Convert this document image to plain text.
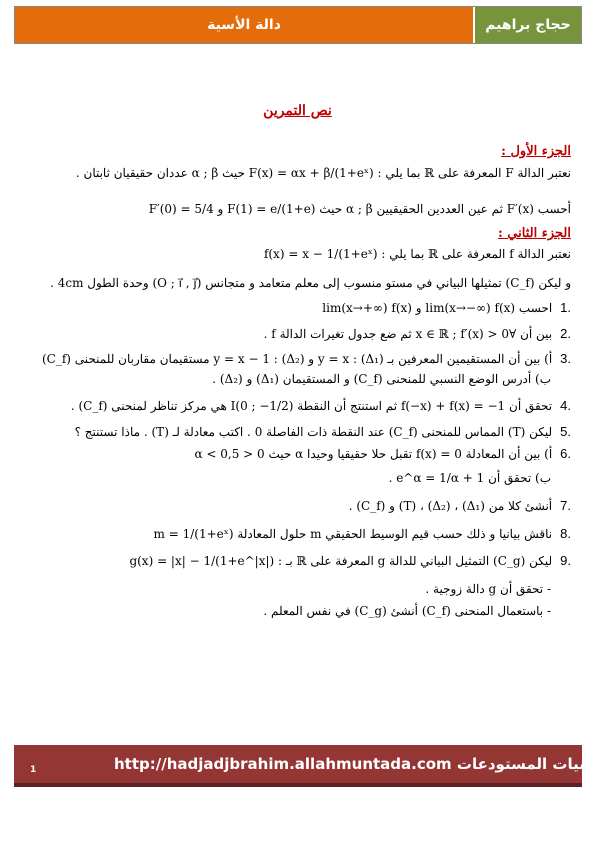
دالة الأسية	حجاج براهيم
نص التمرين
الجزء الأول :
نعتبر الدالة F المعرفة على ℝ بما يلي : F(x) = αx + β/(1+eˣ) حيث α ; β عددان حقيقيان ثابتان .
أحسب F′(x) ثم عين العددين الحقيقيين α ; β حيث F(1) = e/(1+e) و F′(0) = 5/4
الجزء الثاني :
نعتبر الدالة f المعرفة على ℝ بما يلي : f(x) = x − 1/(1+eˣ)
و ليكن (C_f) تمثيلها البياني في مستو منسوب إلى معلم متعامد و متجانس (O ; i⃗ , j⃗) وحدة الطول 4cm .
1.احسب lim(x→−∞) f(x) و lim(x→+∞) f(x)
2.بين أن ∀x ∈ ℝ ; f′(x) > 0 ثم ضع جدول تغيرات الدالة f .
3.أ) بين أن المستقيمين المعرفين بـ (Δ₁) : y = x و (Δ₂) : y = x − 1 مستقيمان مقاربان للمنحنى (C_f)
ب) أدرس الوضع النسبي للمنحنى (C_f) و المستقيمان (Δ₁) و (Δ₂) .
4.تحقق أن f(−x) + f(x) = −1 ثم استنتج أن النقطة I(0 ; −1/2) هي مركز تناظر لمنحنى (C_f) .
5.ليكن (T) المماس للمنحنى (C_f) عند النقطة ذات الفاصلة 0 . اكتب معادلة لـ (T) . ماذا تستنتج ؟
6.أ) بين أن المعادلة f(x) = 0 تقبل حلا حقيقيا وحيدا α حيث 0 < α < 0,5
ب) تحقق أن 1 + e^α = 1/α .
7.أنشئ كلا من (Δ₁) ، (Δ₂) ، (T) و (C_f) .
8.ناقش بيانيا و ذلك حسب قيم الوسيط الحقيقي m حلول المعادلة m = 1/(1+eˣ)
9.ليكن (C_g) التمثيل البياني للدالة g المعرفة على ℝ بـ : g(x) = |x| − 1/(1+e^|x|)
- تحقق أن g دالة زوجية .
- باستعمال المنحنى (C_f) أنشئ (C_g) في نفس المعلم .
http://hadjadjbrahim.allahmuntada.com رياضيات المستودعات
1
